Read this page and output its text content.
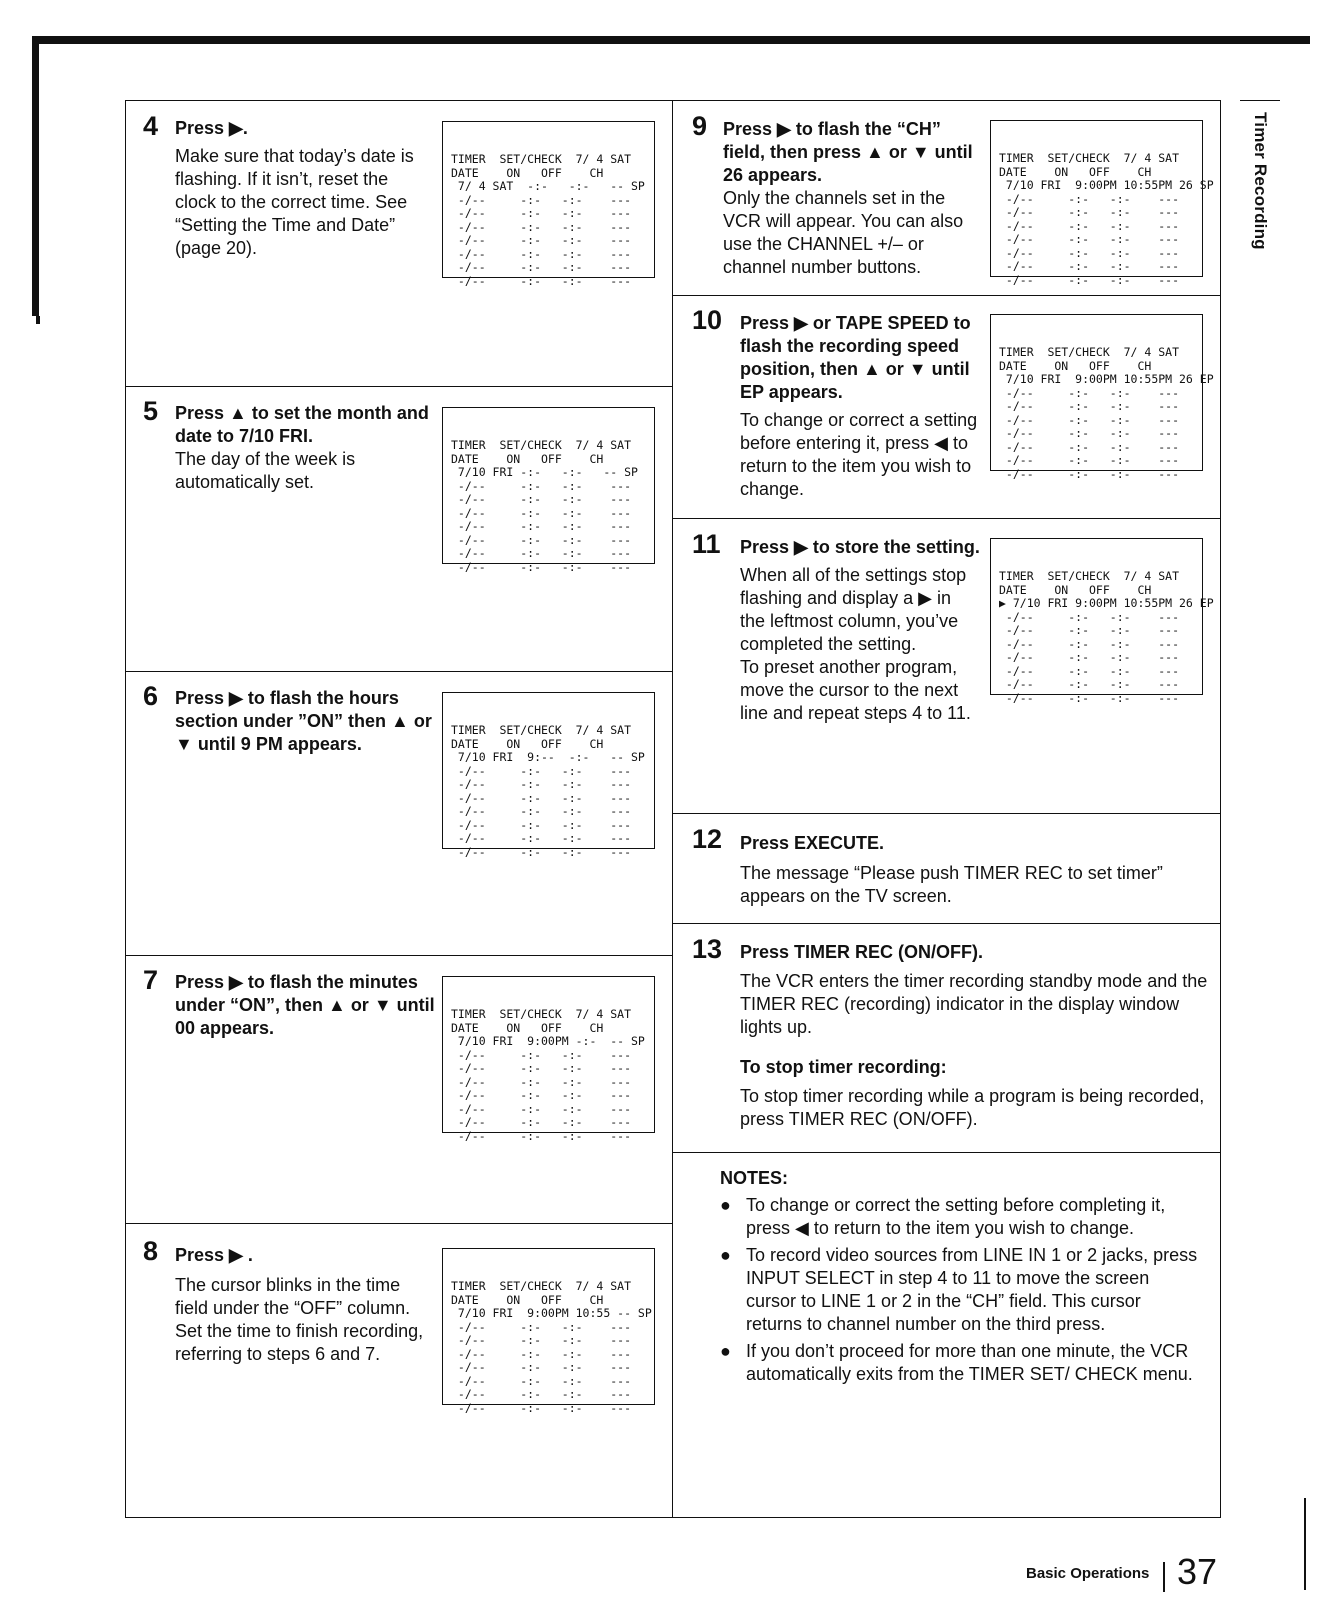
Timer Recording
4 Press ▶.
Make sure that today’s date is flashing. If it isn’t, reset the clock to the correct time. See “Setting the Time and Date” (page 20).

TIMER  SET/CHECK  7/ 4 SAT
DATE    ON   OFF    CH
7/ 4 SAT  -:-   -:-   -- SP
-/--     -:-   -:-    ---
-/--     -:-   -:-    ---
-/--     -:-   -:-    ---
-/--     -:-   -:-    ---
-/--     -:-   -:-    ---
-/--     -:-   -:-    ---
-/--     -:-   -:-    ---

5 Press ▲ to set the month and date to 7/10 FRI.
The day of the week is automatically set.

TIMER  SET/CHECK  7/ 4 SAT
DATE    ON   OFF    CH
7/10 FRI -:-   -:-   -- SP
-/--     -:-   -:-    ---
-/--     -:-   -:-    ---
-/--     -:-   -:-    ---
-/--     -:-   -:-    ---
-/--     -:-   -:-    ---
-/--     -:-   -:-    ---
-/--     -:-   -:-    ---

6 Press ▶ to flash the hours section under ”ON” then ▲ or ▼ until 9 PM appears.

TIMER  SET/CHECK  7/ 4 SAT
DATE    ON   OFF    CH
7/10 FRI  9:--  -:-   -- SP
-/--     -:-   -:-    ---
-/--     -:-   -:-    ---
-/--     -:-   -:-    ---
-/--     -:-   -:-    ---
-/--     -:-   -:-    ---
-/--     -:-   -:-    ---
-/--     -:-   -:-    ---

7 Press ▶ to flash the minutes under “ON”, then ▲ or ▼ until 00 appears.

TIMER  SET/CHECK  7/ 4 SAT
DATE    ON   OFF    CH
7/10 FRI  9:00PM -:-  -- SP
-/--     -:-   -:-    ---
-/--     -:-   -:-    ---
-/--     -:-   -:-    ---
-/--     -:-   -:-    ---
-/--     -:-   -:-    ---
-/--     -:-   -:-    ---
-/--     -:-   -:-    ---

8 Press ▶ .
The cursor blinks in the time field under the “OFF” column. Set the time to finish recording, referring to steps 6 and 7.

TIMER  SET/CHECK  7/ 4 SAT
DATE    ON   OFF    CH
7/10 FRI  9:00PM 10:55 -- SP
-/--     -:-   -:-    ---
-/--     -:-   -:-    ---
-/--     -:-   -:-    ---
-/--     -:-   -:-    ---
-/--     -:-   -:-    ---
-/--     -:-   -:-    ---
-/--     -:-   -:-    ---

9 Press ▶ to flash the “CH” field, then press ▲ or ▼ until 26 appears.
Only the channels set in the VCR will appear. You can also use the CHANNEL +/– or channel number buttons.

TIMER  SET/CHECK  7/ 4 SAT
DATE    ON   OFF    CH
7/10 FRI  9:00PM 10:55PM 26 SP
-/--     -:-   -:-    ---
-/--     -:-   -:-    ---
-/--     -:-   -:-    ---
-/--     -:-   -:-    ---
-/--     -:-   -:-    ---
-/--     -:-   -:-    ---
-/--     -:-   -:-    ---

10 Press ▶ or TAPE SPEED to flash the recording speed position, then ▲ or ▼ until EP appears.
To change or correct a setting before entering it, press ◀ to return to the item you wish to change.

TIMER  SET/CHECK  7/ 4 SAT
DATE    ON   OFF    CH
7/10 FRI  9:00PM 10:55PM 26 EP
-/--     -:-   -:-    ---
-/--     -:-   -:-    ---
-/--     -:-   -:-    ---
-/--     -:-   -:-    ---
-/--     -:-   -:-    ---
-/--     -:-   -:-    ---
-/--     -:-   -:-    ---

11 Press ▶ to store the setting.
When all of the settings stop flashing and display a ▶ in the leftmost column, you’ve completed the setting.
To preset another program, move the cursor to the next line and repeat steps 4 to 11.

TIMER  SET/CHECK  7/ 4 SAT
DATE    ON   OFF    CH
▶ 7/10 FRI 9:00PM 10:55PM 26 EP
-/--     -:-   -:-    ---
-/--     -:-   -:-    ---
-/--     -:-   -:-    ---
-/--     -:-   -:-    ---
-/--     -:-   -:-    ---
-/--     -:-   -:-    ---
-/--     -:-   -:-    ---

12 Press EXECUTE.
The message “Please push TIMER REC to set timer” appears on the TV screen.
13 Press TIMER REC (ON/OFF).
The VCR enters the timer recording standby mode and the TIMER REC (recording) indicator in the display window lights up.
To stop timer recording:
To stop timer recording while a program is being recorded, press TIMER REC (ON/OFF).
NOTES:
● To change or correct the setting before completing it, press ◀ to return to the item you wish to change.
● To record video sources from LINE IN 1 or 2 jacks, press INPUT SELECT in step 4 to 11 to move the screen cursor to LINE 1 or 2 in the “CH” field. This cursor returns to channel number on the third press.
● If you don’t proceed for more than one minute, the VCR automatically exits from the TIMER SET/ CHECK menu.
Basic Operations 37
